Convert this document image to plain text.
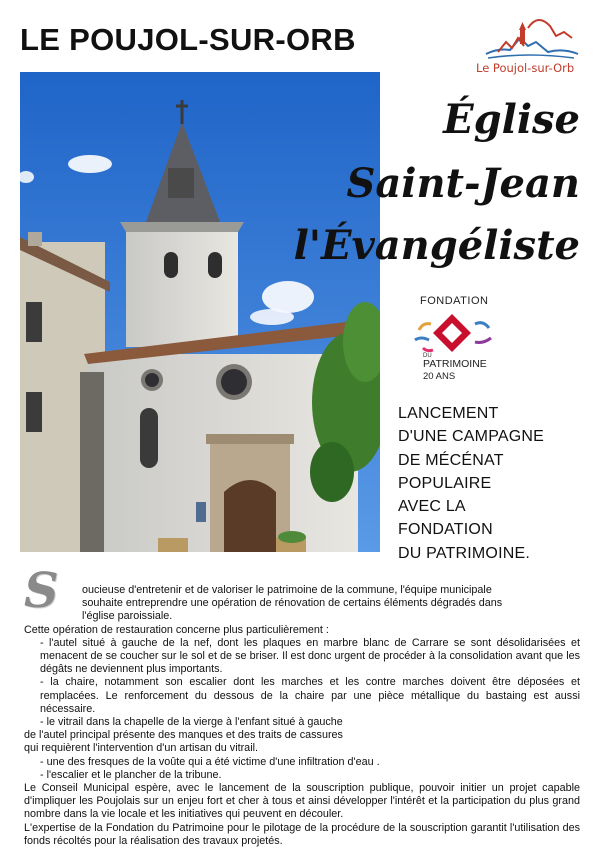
LE POUJOL-SUR-ORB
Le Poujol-sur-Orb
Église
Saint-Jean
l'Évangéliste
FONDATION
DU
PATRIMOINE
20 ANS
LANCEMENT
D'UNE CAMPAGNE
DE MÉCÉNAT
POPULAIRE
AVEC LA
FONDATION
DU PATRIMOINE.
S	oucieuse d'entretenir et de valoriser le patrimoine de la commune, l'équipe municipale

souhaite entreprendre une opération de rénovation de certains éléments dégradés dans

l'église paroissiale.

Cette opération de restauration concerne plus particulièrement :

- l'autel situé à gauche de la nef, dont les plaques en marbre blanc de Carrare se sont désolidarisées et menacent de se coucher sur le sol et de se briser. Il est donc urgent de procéder à la consolidation avant que les dégâts ne deviennent plus importants.

- la chaire, notamment son escalier dont les marches et les contre marches doivent être déposées et remplacées. Le renforcement du dessous de la chaire par une pièce métallique du bastaing est aussi nécessaire.

- le vitrail dans la chapelle de la vierge à l'enfant situé à gauche

de l'autel principal présente des manques et des traits de cassures

qui requièrent l'intervention d'un artisan du vitrail.

- une des fresques de la voûte qui a été victime d'une infiltration d'eau .

- l'escalier et le plancher de la tribune.

Le Conseil Municipal espère, avec le lancement de la souscription publique, pouvoir initier un projet capable d'impliquer les Poujolais sur un enjeu fort et cher à tous et ainsi développer l'intérêt et la participation du plus grand nombre dans la vie locale et les initiatives qui peuvent en découler.

L'expertise de la Fondation du Patrimoine pour le pilotage de la procédure de la souscription garantit l'utilisation des fonds récoltés pour la réalisation des travaux projetés.
